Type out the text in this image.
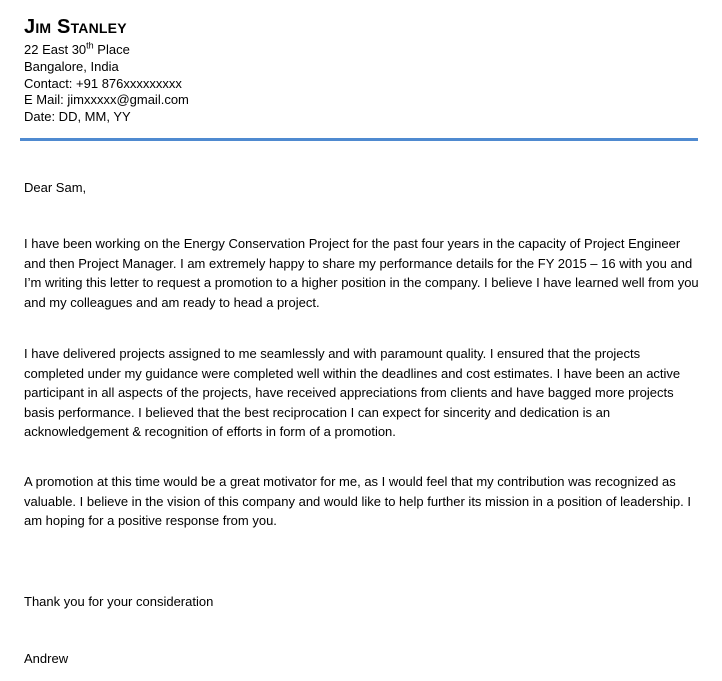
Jim Stanley
22 East 30th Place
Bangalore, India
Contact: +91 876xxxxxxxxx
E Mail: jimxxxxx@gmail.com
Date: DD, MM, YY

Dear Sam,

I have been working on the Energy Conservation Project for the past four years in the capacity of Project Engineer and then Project Manager. I am extremely happy to share my performance details for the FY 2015 – 16 with you and I’m writing this letter to request a promotion to a higher position in the company. I believe I have learned well from you and my colleagues and am ready to head a project.

I have delivered projects assigned to me seamlessly and with paramount quality. I ensured that the projects completed under my guidance were completed well within the deadlines and cost estimates. I have been an active participant in all aspects of the projects, have received appreciations from clients and have bagged more projects basis performance. I believed that the best reciprocation I can expect for sincerity and dedication is an acknowledgement & recognition of efforts in form of a promotion.

A promotion at this time would be a great motivator for me, as I would feel that my contribution was recognized as valuable. I believe in the vision of this company and would like to help further its mission in a position of leadership. I am hoping for a positive response from you.

Thank you for your consideration

Andrew
